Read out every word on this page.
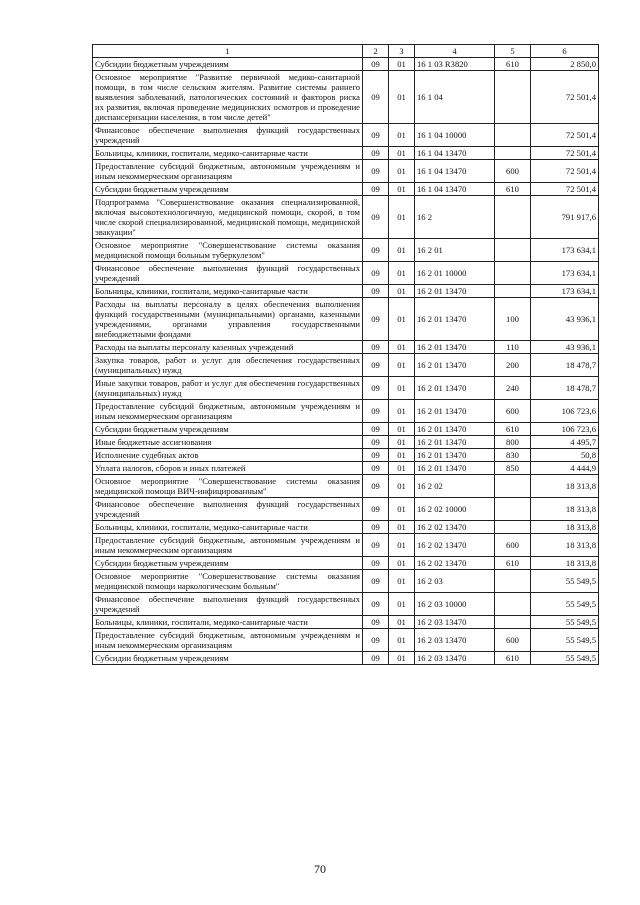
1	2	3	4	5	6
Субсидии бюджетным учреждениям	09	01	16 1 03 R3820	610	2 850,0
Основное мероприятие "Развитие первичной медико-санитарной помощи, в том числе сельским жителям. Развитие системы раннего выявления заболеваний, патологических состояний и факторов риска их развития, включая проведение медицинских осмотров и проведение диспансеризации населения, в том числе детей"	09	01	16 1 04		72 501,4
Финансовое обеспечение выполнения функций государственных учреждений	09	01	16 1 04 10000		72 501,4
Больницы, клиники, госпитали, медико-санитарные части	09	01	16 1 04 13470		72 501,4
Предоставление субсидий бюджетным, автономным учреждениям и иным некоммерческим организациям	09	01	16 1 04 13470	600	72 501,4
Субсидии бюджетным учреждениям	09	01	16 1 04 13470	610	72 501,4
Подпрограмма "Совершенствование оказания специализированной, включая высокотехнологичную, медицинской помощи, скорой, в том числе скорой специализированной, медицинской помощи, медицинской эвакуации"	09	01	16 2		791 917,6
Основное мероприятие "Совершенствование системы оказания медицинской помощи больным туберкулезом"	09	01	16 2 01		173 634,1
Финансовое обеспечение выполнения функций государственных учреждений	09	01	16 2 01 10000		173 634,1
Больницы, клиники, госпитали, медико-санитарные части	09	01	16 2 01 13470		173 634,1
Расходы на выплаты персоналу в целях обеспечения выполнения функций государственными (муниципальными) органами, казенными учреждениями, органами управления государственными внебюджетными фондами	09	01	16 2 01 13470	100	43 936,1
Расходы на выплаты персоналу казенных учреждений	09	01	16 2 01 13470	110	43 936,1
Закупка товаров, работ и услуг для обеспечения государственных (муниципальных) нужд	09	01	16 2 01 13470	200	18 478,7
Иные закупки товаров, работ и услуг для обеспечения государственных (муниципальных) нужд	09	01	16 2 01 13470	240	18 478,7
Предоставление субсидий бюджетным, автономным учреждениям и иным некоммерческим организациям	09	01	16 2 01 13470	600	106 723,6
Субсидии бюджетным учреждениям	09	01	16 2 01 13470	610	106 723,6
Иные бюджетные ассигнования	09	01	16 2 01 13470	800	4 495,7
Исполнение судебных актов	09	01	16 2 01 13470	830	50,8
Уплата налогов, сборов и иных платежей	09	01	16 2 01 13470	850	4 444,9
Основное мероприятие "Совершенствование системы оказания медицинской помощи ВИЧ-инфицированным"	09	01	16 2 02		18 313,8
Финансовое обеспечение выполнения функций государственных учреждений	09	01	16 2 02 10000		18 313,8
Больницы, клиники, госпитали, медико-санитарные части	09	01	16 2 02 13470		18 313,8
Предоставление субсидий бюджетным, автономным учреждениям и иным некоммерческим организациям	09	01	16 2 02 13470	600	18 313,8
Субсидии бюджетным учреждениям	09	01	16 2 02 13470	610	18 313,8
Основное мероприятие "Совершенствование системы оказания медицинской помощи наркологическим больным"	09	01	16 2 03		55 549,5
Финансовое обеспечение выполнения функций государственных учреждений	09	01	16 2 03 10000		55 549,5
Больницы, клиники, госпитали, медико-санитарные части	09	01	16 2 03 13470		55 549,5
Предоставление субсидий бюджетным, автономным учреждениям и иным некоммерческим организациям	09	01	16 2 03 13470	600	55 549,5
Субсидии бюджетным учреждениям	09	01	16 2 03 13470	610	55 549,5
70
